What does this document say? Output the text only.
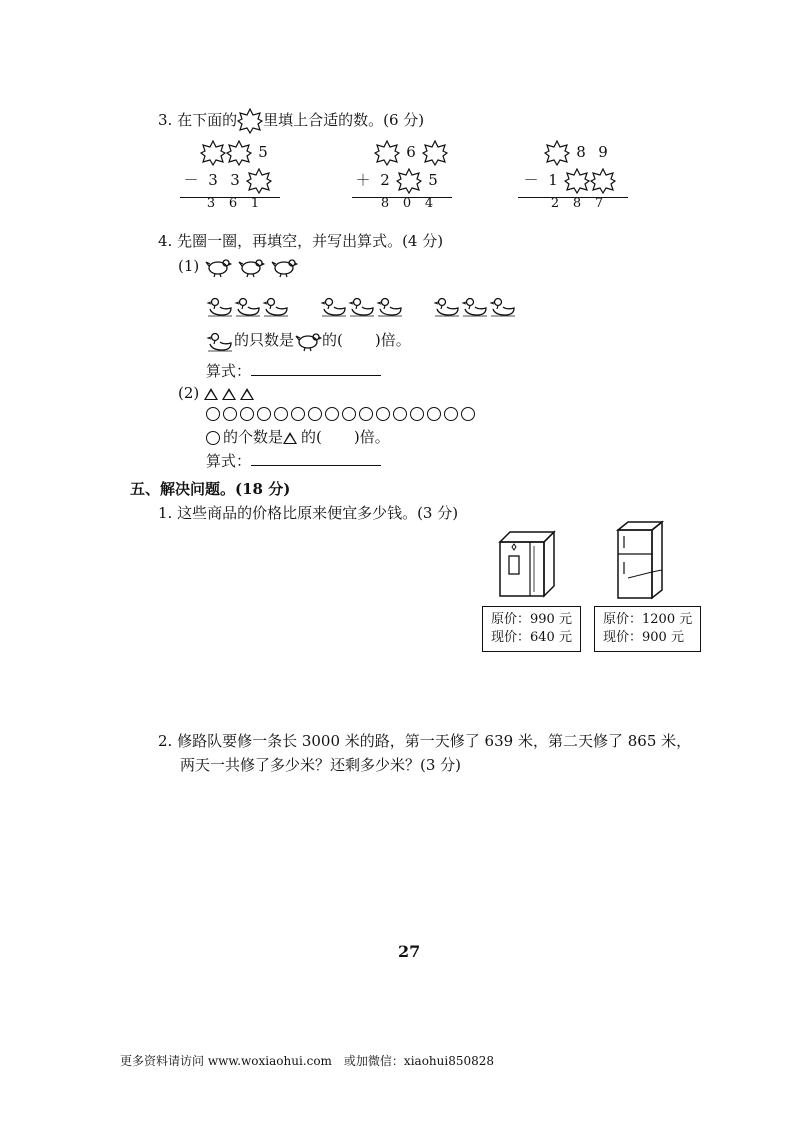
3. 在下面的 里填上合适的数。(6 分)
5
－ 3 3
3 6 1
6
＋ 2	5
8 0 4
8 9
－ 1
2 8 7
4. 先圈一圈，再填空，并写出算式。(4 分)
(1)

的只数是 的( )倍。
算式：
(2)
的个数是 的( )倍。
算式：
五、解决问题。(18 分)
1. 这些商品的价格比原来便宜多少钱。(3 分)
原价：990 元
现价：640 元
原价：1200 元
现价：900 元
2. 修路队要修一条长 3000 米的路，第一天修了 639 米，第二天修了 865 米，
两天一共修了多少米？还剩多少米？(3 分)
27
更多资料请访问 www.woxiaohui.com　或加微信：xiaohui850828
